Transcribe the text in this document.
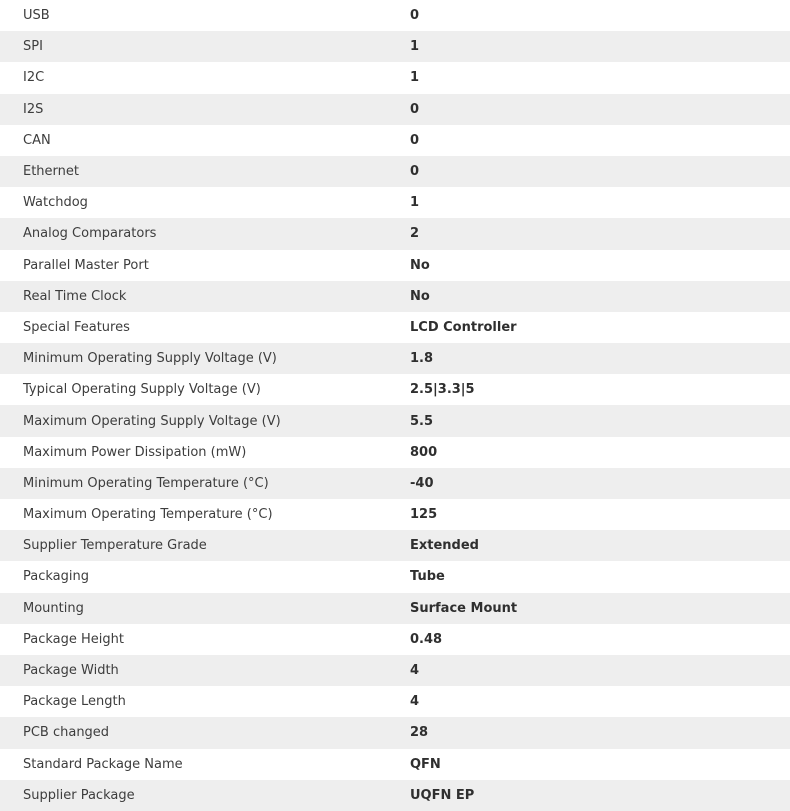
USB	0
SPI	1
I2C	1
I2S	0
CAN	0
Ethernet	0
Watchdog	1
Analog Comparators	2
Parallel Master Port	No
Real Time Clock	No
Special Features	LCD Controller
Minimum Operating Supply Voltage (V)	1.8
Typical Operating Supply Voltage (V)	2.5|3.3|5
Maximum Operating Supply Voltage (V)	5.5
Maximum Power Dissipation (mW)	800
Minimum Operating Temperature (°C)	-40
Maximum Operating Temperature (°C)	125
Supplier Temperature Grade	Extended
Packaging	Tube
Mounting	Surface Mount
Package Height	0.48
Package Width	4
Package Length	4
PCB changed	28
Standard Package Name	QFN
Supplier Package	UQFN EP
